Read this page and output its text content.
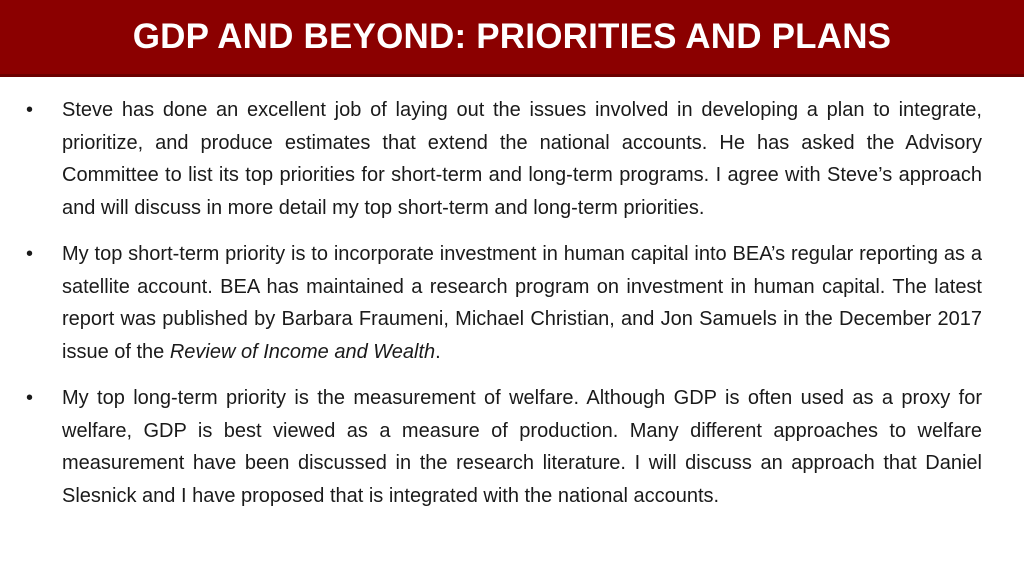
GDP AND BEYOND: PRIORITIES AND PLANS
•	Steve has done an excellent job of laying out the issues involved in developing a plan to integrate, prioritize, and produce estimates that extend the national accounts. He has asked the Advisory Committee to list its top priorities for short-term and long-term programs. I agree with Steve’s approach and will discuss in more detail my top short-term and long-term priorities.
•	My top short-term priority is to incorporate investment in human capital into BEA’s regular reporting as a satellite account. BEA has maintained a research program on investment in human capital. The latest report was published by Barbara Fraumeni, Michael Christian, and Jon Samuels in the December 2017 issue of the Review of Income and Wealth.
•	My top long-term priority is the measurement of welfare. Although GDP is often used as a proxy for welfare, GDP is best viewed as a measure of production. Many different approaches to welfare measurement have been discussed in the research literature. I will discuss an approach that Daniel Slesnick and I have proposed that is integrated with the national accounts.
